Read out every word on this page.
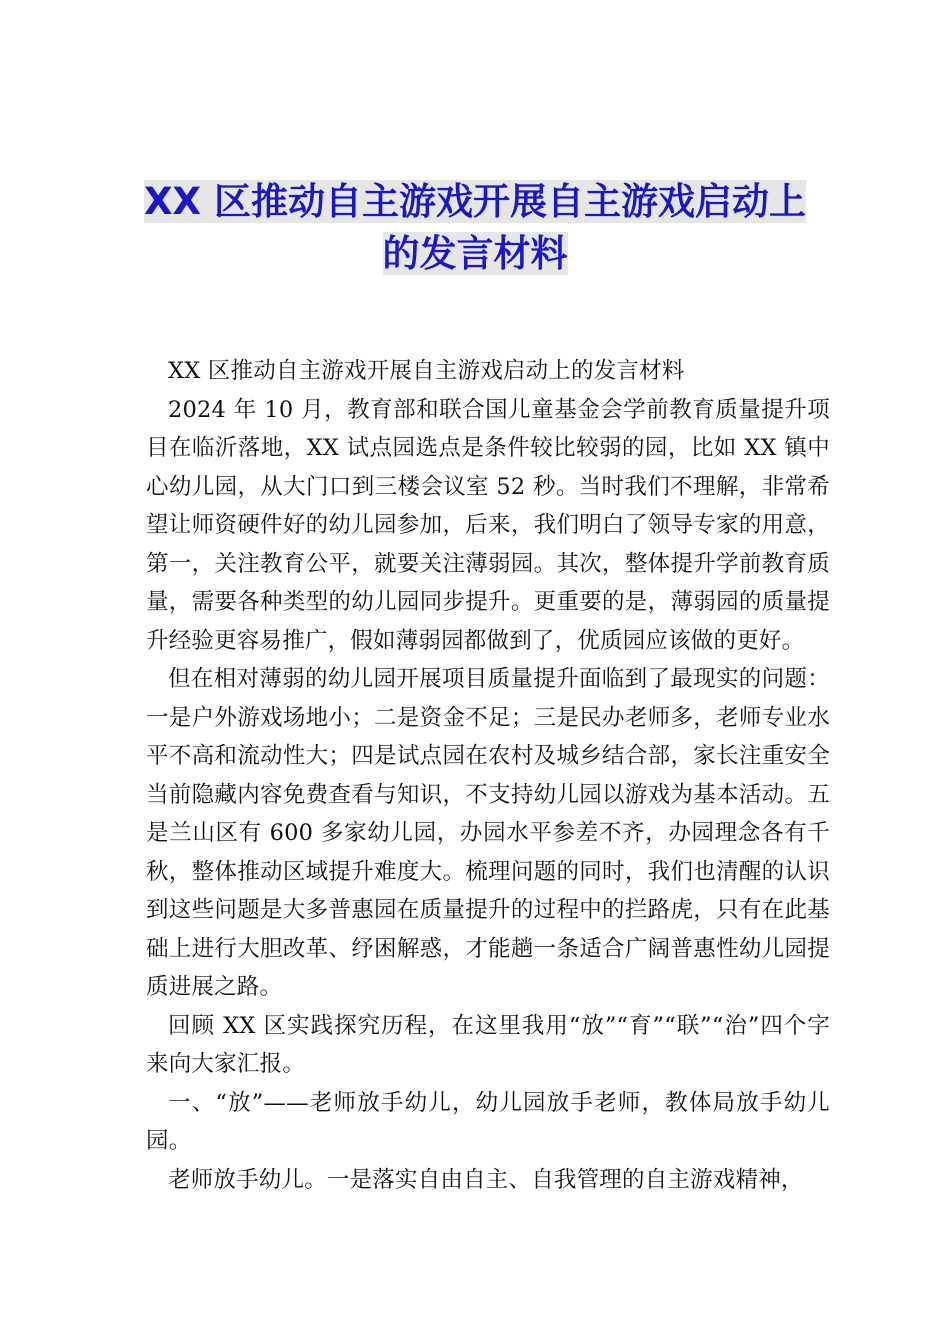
XX 区推动自主游戏开展自主游戏启动上
的发言材料

XX 区推动自主游戏开展自主游戏启动上的发言材料

2024 年 10 月，教育部和联合国儿童基金会学前教育质量提升项目在临沂落地，XX 试点园选点是条件较比较弱的园，比如 XX 镇中心幼儿园，从大门口到三楼会议室 52 秒。当时我们不理解，非常希望让师资硬件好的幼儿园参加，后来，我们明白了领导专家的用意，第一，关注教育公平，就要关注薄弱园。其次，整体提升学前教育质量，需要各种类型的幼儿园同步提升。更重要的是，薄弱园的质量提升经验更容易推广，假如薄弱园都做到了，优质园应该做的更好。

但在相对薄弱的幼儿园开展项目质量提升面临到了最现实的问题：一是户外游戏场地小；二是资金不足；三是民办老师多，老师专业水平不高和流动性大；四是试点园在农村及城乡结合部，家长注重安全当前隐藏内容免费查看与知识，不支持幼儿园以游戏为基本活动。五是兰山区有 600 多家幼儿园，办园水平参差不齐，办园理念各有千秋，整体推动区域提升难度大。梳理问题的同时，我们也清醒的认识到这些问题是大多普惠园在质量提升的过程中的拦路虎，只有在此基础上进行大胆改革、纾困解惑，才能趟一条适合广阔普惠性幼儿园提质进展之路。

回顾 XX 区实践探究历程，在这里我用“放”“育”“联”“治”四个字来向大家汇报。

一、“放”——老师放手幼儿，幼儿园放手老师，教体局放手幼儿园。

老师放手幼儿。一是落实自由自主、自我管理的自主游戏精神，
